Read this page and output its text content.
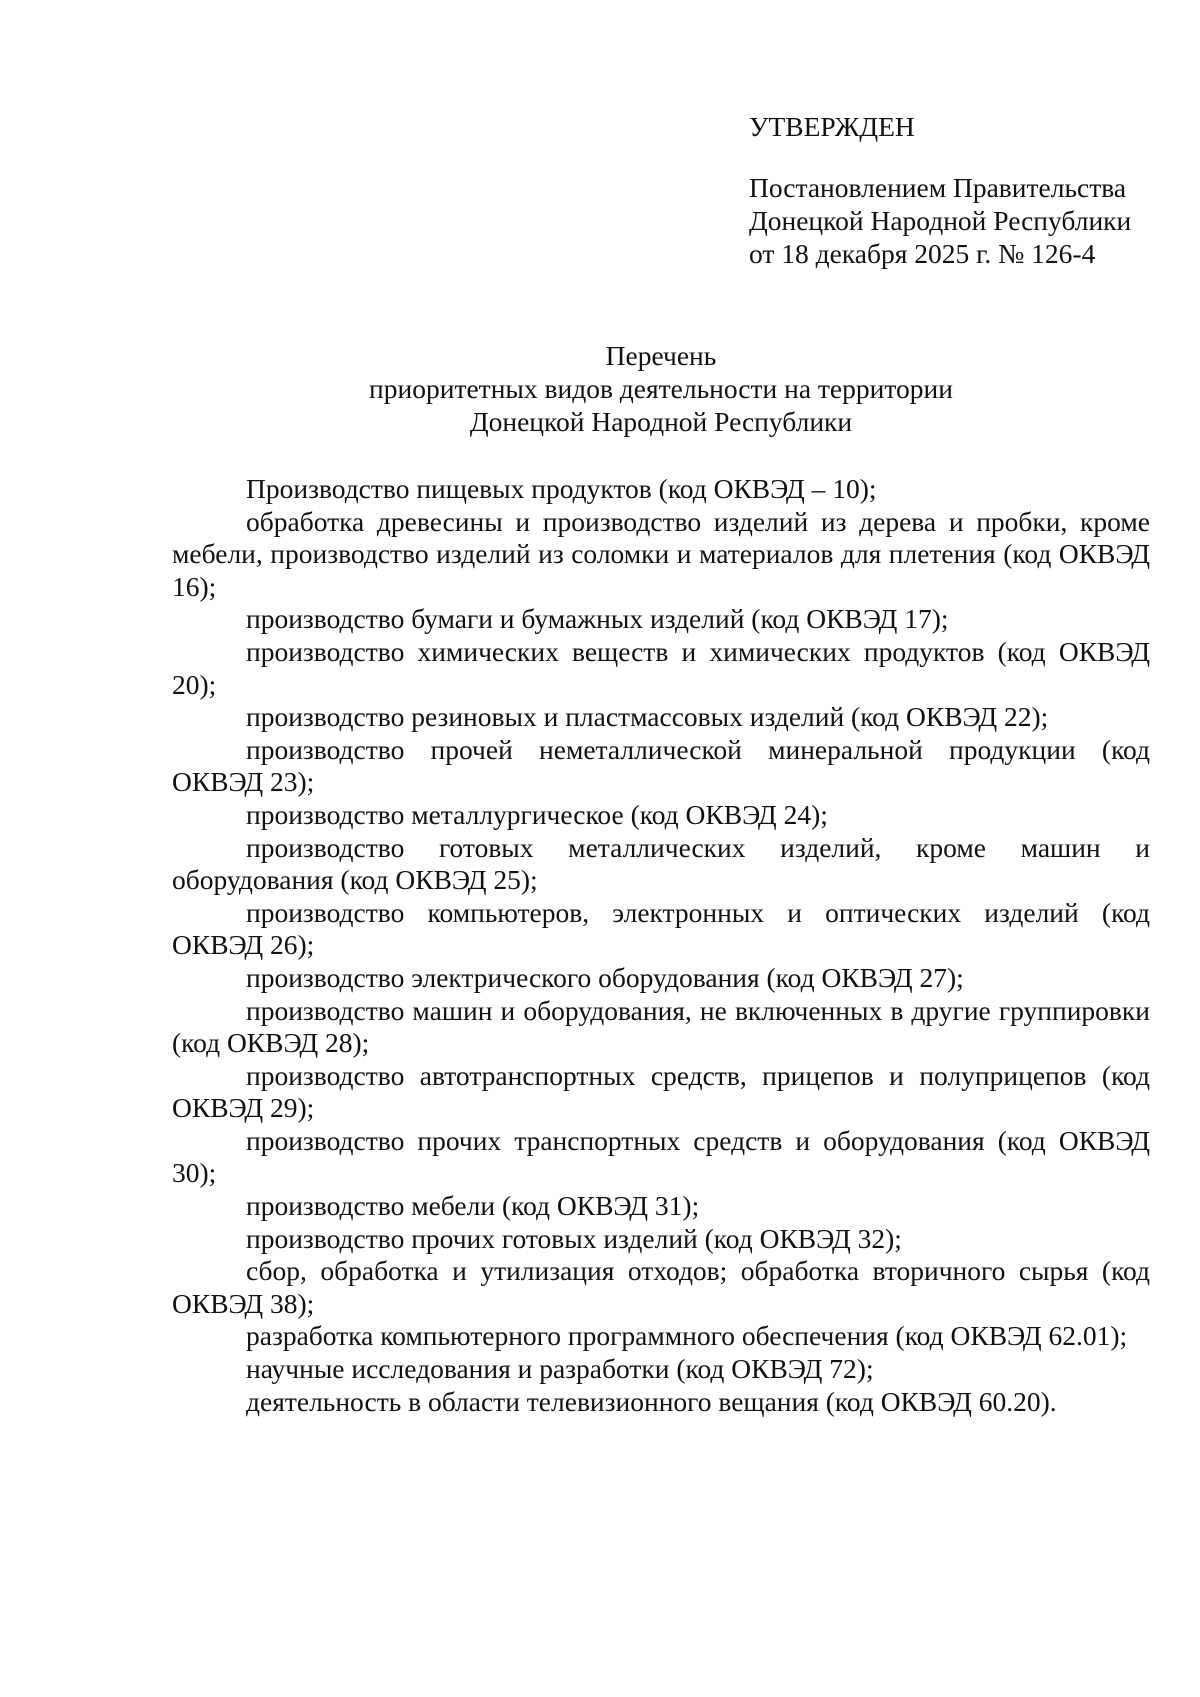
УТВЕРЖДЕН
Постановлением Правительства
Донецкой Народной Республики
от 18 декабря 2025 г. № 126-4
Перечень
приоритетных видов деятельности на территории
Донецкой Народной Республики

Производство пищевых продуктов (код ОКВЭД – 10);

обработка древесины и производство изделий из дерева и пробки, кроме мебели, производство изделий из соломки и материалов для плетения (код ОКВЭД 16);

производство бумаги и бумажных изделий (код ОКВЭД 17);

производство химических веществ и химических продуктов (код ОКВЭД 20);

производство резиновых и пластмассовых изделий (код ОКВЭД 22);

производство прочей неметаллической минеральной продукции (код ОКВЭД 23);

производство металлургическое (код ОКВЭД 24);

производство готовых металлических изделий, кроме машин и оборудования (код ОКВЭД 25);

производство компьютеров, электронных и оптических изделий (код ОКВЭД 26);

производство электрического оборудования (код ОКВЭД 27);

производство машин и оборудования, не включенных в другие группировки (код ОКВЭД 28);

производство автотранспортных средств, прицепов и полуприцепов (код ОКВЭД 29);

производство прочих транспортных средств и оборудования (код ОКВЭД 30);

производство мебели (код ОКВЭД 31);

производство прочих готовых изделий (код ОКВЭД 32);

сбор, обработка и утилизация отходов; обработка вторичного сырья (код ОКВЭД 38);

разработка компьютерного программного обеспечения (код ОКВЭД 62.01);

научные исследования и разработки (код ОКВЭД 72);

деятельность в области телевизионного вещания (код ОКВЭД 60.20).
